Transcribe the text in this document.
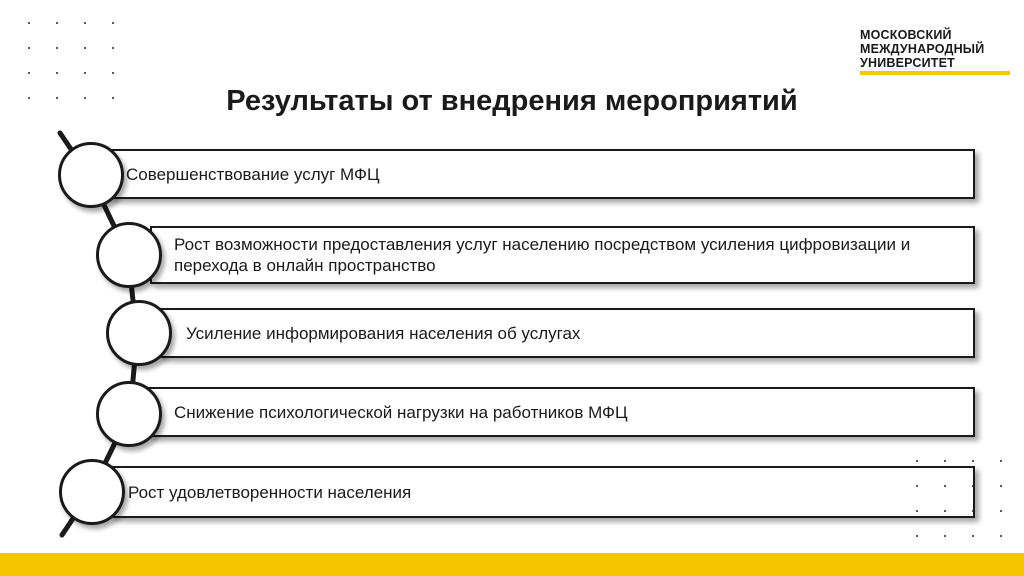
МОСКОВСКИЙ
МЕЖДУНАРОДНЫЙ
УНИВЕРСИТЕТ
Результаты от внедрения мероприятий
Совершенствование услуг МФЦ
Рост возможности предоставления услуг населению посредством усиления цифровизации и перехода в онлайн пространство
Усиление информирования населения об услугах
Снижение психологической нагрузки на работников МФЦ
Рост удовлетворенности населения
